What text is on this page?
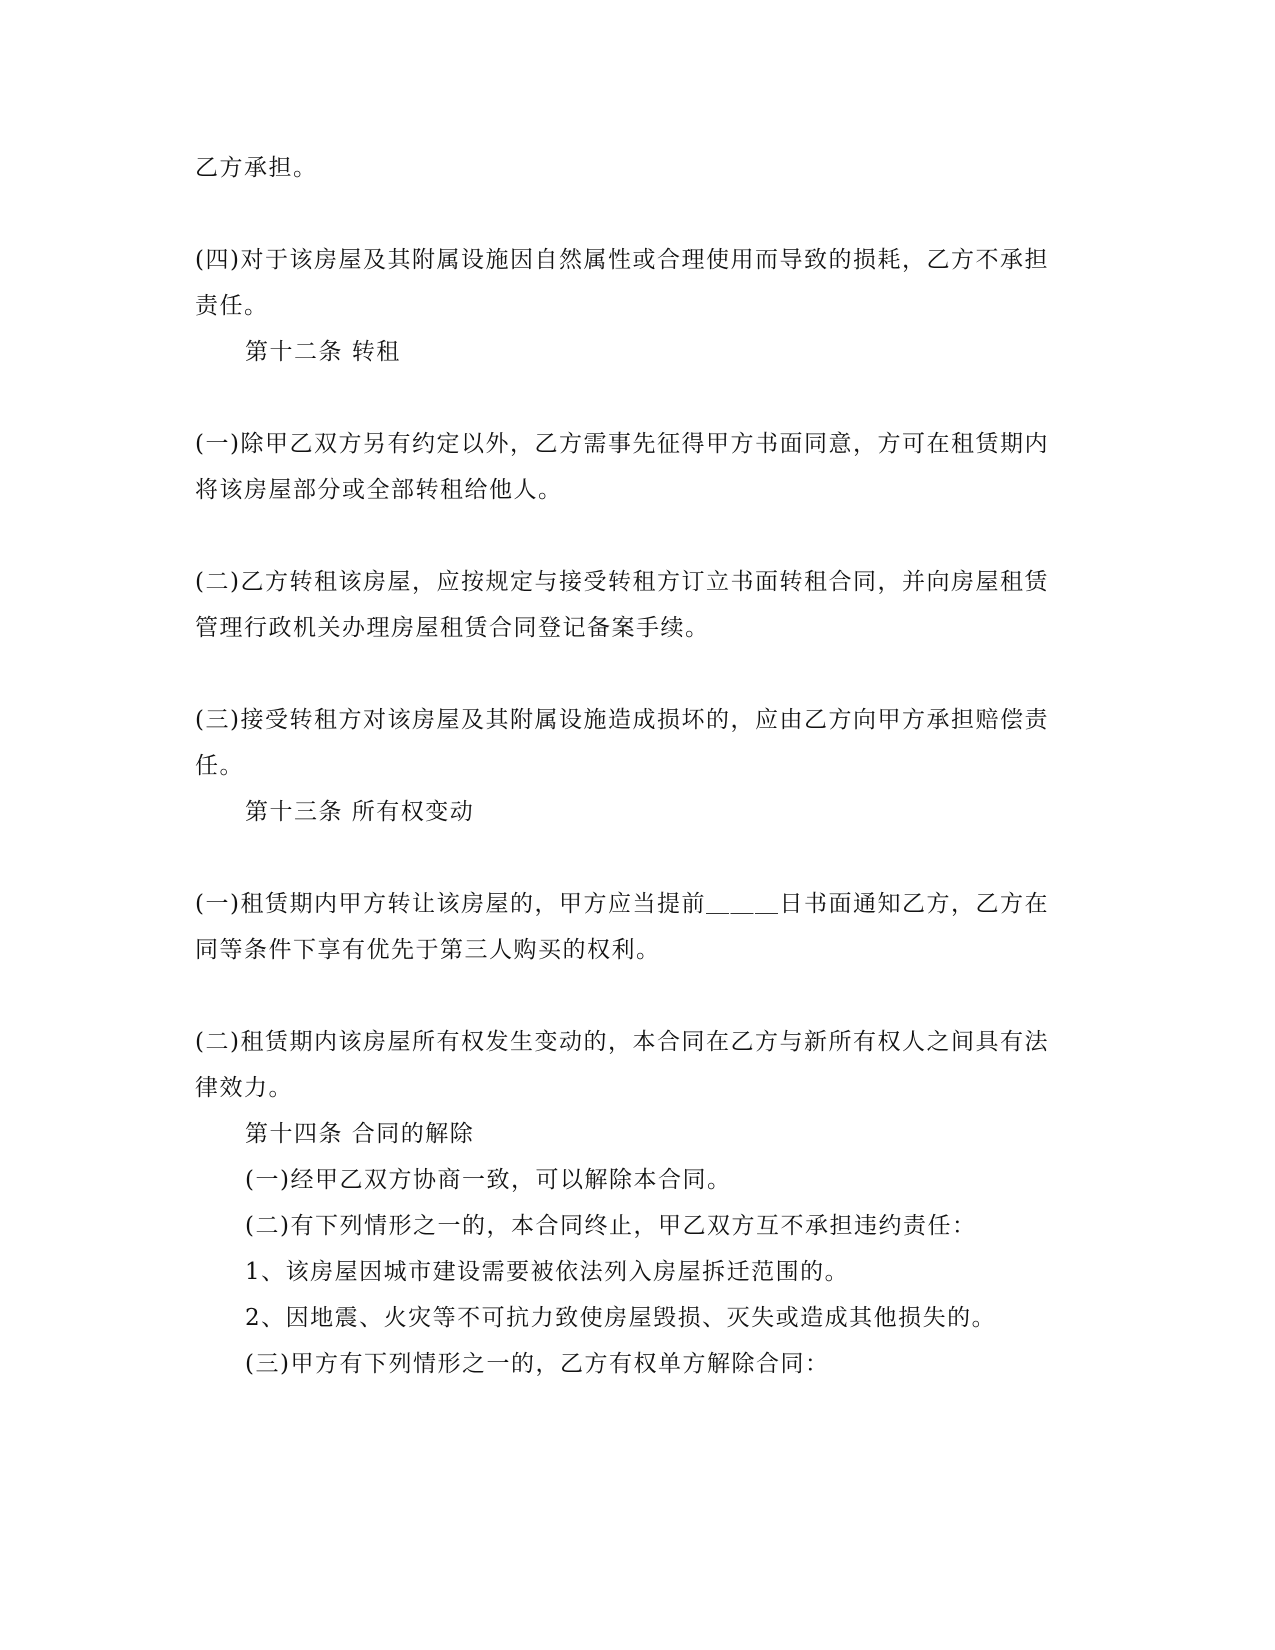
乙方承担。
(四)对于该房屋及其附属设施因自然属性或合理使用而导致的损耗，乙方不承担
责任。
第十二条 转租
(一)除甲乙双方另有约定以外，乙方需事先征得甲方书面同意，方可在租赁期内
将该房屋部分或全部转租给他人。
(二)乙方转租该房屋，应按规定与接受转租方订立书面转租合同，并向房屋租赁
管理行政机关办理房屋租赁合同登记备案手续。
(三)接受转租方对该房屋及其附属设施造成损坏的，应由乙方向甲方承担赔偿责
任。
第十三条 所有权变动
(一)租赁期内甲方转让该房屋的，甲方应当提前＿＿＿日书面通知乙方，乙方在
同等条件下享有优先于第三人购买的权利。
(二)租赁期内该房屋所有权发生变动的，本合同在乙方与新所有权人之间具有法
律效力。
第十四条 合同的解除
(一)经甲乙双方协商一致，可以解除本合同。
(二)有下列情形之一的，本合同终止，甲乙双方互不承担违约责任：
1、该房屋因城市建设需要被依法列入房屋拆迁范围的。
2、因地震、火灾等不可抗力致使房屋毁损、灭失或造成其他损失的。
(三)甲方有下列情形之一的，乙方有权单方解除合同：
